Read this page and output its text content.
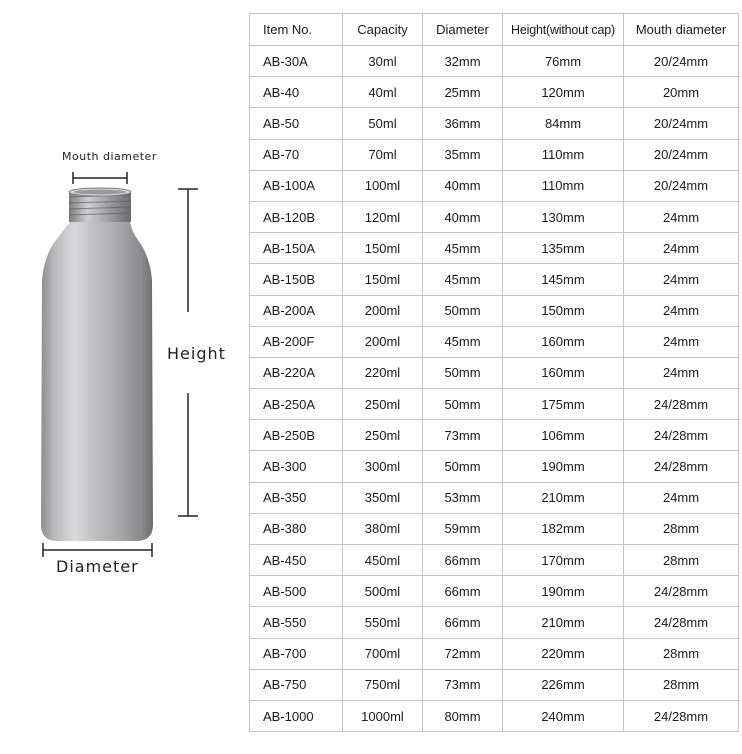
Mouth diameter
Height
Diameter
Item No.	Capacity	Diameter	Height(without cap)	Mouth diameter
AB-30A	30ml	32mm	76mm	20/24mm
AB-40	40ml	25mm	120mm	20mm
AB-50	50ml	36mm	84mm	20/24mm
AB-70	70ml	35mm	110mm	20/24mm
AB-100A	100ml	40mm	110mm	20/24mm
AB-120B	120ml	40mm	130mm	24mm
AB-150A	150ml	45mm	135mm	24mm
AB-150B	150ml	45mm	145mm	24mm
AB-200A	200ml	50mm	150mm	24mm
AB-200F	200ml	45mm	160mm	24mm
AB-220A	220ml	50mm	160mm	24mm
AB-250A	250ml	50mm	175mm	24/28mm
AB-250B	250ml	73mm	106mm	24/28mm
AB-300	300ml	50mm	190mm	24/28mm
AB-350	350ml	53mm	210mm	24mm
AB-380	380ml	59mm	182mm	28mm
AB-450	450ml	66mm	170mm	28mm
AB-500	500ml	66mm	190mm	24/28mm
AB-550	550ml	66mm	210mm	24/28mm
AB-700	700ml	72mm	220mm	28mm
AB-750	750ml	73mm	226mm	28mm
AB-1000	1000ml	80mm	240mm	24/28mm
